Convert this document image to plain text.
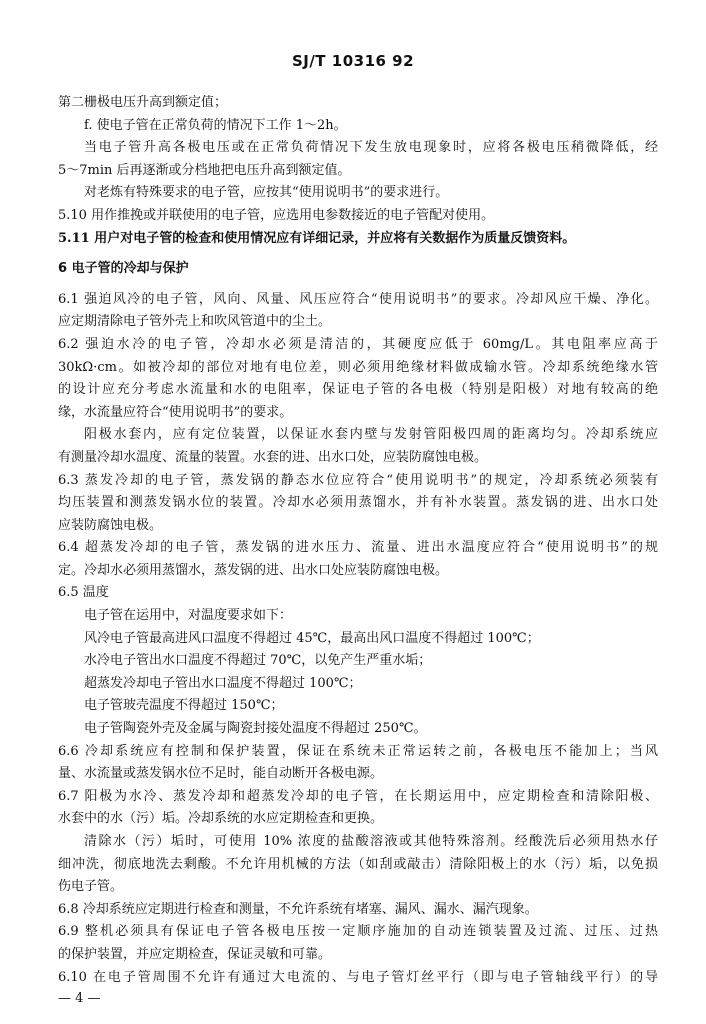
SJ/T 10316 92
第二栅极电压升高到额定值；
f. 使电子管在正常负荷的情况下工作 1～2h。
当电子管升高各极电压或在正常负荷情况下发生放电现象时，应将各极电压稍微降低，经
5～7min 后再逐渐或分档地把电压升高到额定值。
对老炼有特殊要求的电子管，应按其“使用说明书”的要求进行。
5.10 用作推挽或并联使用的电子管，应选用电参数接近的电子管配对使用。
5.11 用户对电子管的检查和使用情况应有详细记录，并应将有关数据作为质量反馈资料。
6 电子管的冷却与保护
6.1 强迫风冷的电子管，风向、风量、风压应符合“使用说明书”的要求。冷却风应干燥、净化。
应定期清除电子管外壳上和吹风管道中的尘土。
6.2 强迫水冷的电子管，冷却水必须是清洁的，其硬度应低于 60mg/L。其电阻率应高于
30kΩ·cm。如被冷却的部位对地有电位差，则必须用绝缘材料做成输水管。冷却系统绝缘水管
的设计应充分考虑水流量和水的电阻率，保证电子管的各电极（特别是阳极）对地有较高的绝
缘，水流量应符合“使用说明书”的要求。
阳极水套内，应有定位装置，以保证水套内壁与发射管阳极四周的距离均匀。冷却系统应
有测量冷却水温度、流量的装置。水套的进、出水口处，应装防腐蚀电极。
6.3 蒸发冷却的电子管，蒸发锅的静态水位应符合“使用说明书”的规定，冷却系统必须装有
均压装置和测蒸发锅水位的装置。冷却水必须用蒸馏水，并有补水装置。蒸发锅的进、出水口处
应装防腐蚀电极。
6.4 超蒸发冷却的电子管，蒸发锅的进水压力、流量、进出水温度应符合“使用说明书”的规
定。冷却水必须用蒸馏水，蒸发锅的进、出水口处应装防腐蚀电极。
6.5 温度
电子管在运用中，对温度要求如下：
风冷电子管最高进风口温度不得超过 45℃，最高出风口温度不得超过 100℃；
水冷电子管出水口温度不得超过 70℃，以免产生严重水垢；
超蒸发冷却电子管出水口温度不得超过 100℃；
电子管玻壳温度不得超过 150℃；
电子管陶瓷外壳及金属与陶瓷封接处温度不得超过 250℃。
6.6 冷却系统应有控制和保护装置，保证在系统未正常运转之前，各极电压不能加上；当风
量、水流量或蒸发锅水位不足时，能自动断开各极电源。
6.7 阳极为水冷、蒸发冷却和超蒸发冷却的电子管，在长期运用中，应定期检查和清除阳极、
水套中的水（污）垢。冷却系统的水应定期检查和更换。
清除水（污）垢时，可使用 10% 浓度的盐酸溶液或其他特殊溶剂。经酸洗后必须用热水仔
细冲洗，彻底地洗去剩酸。不允许用机械的方法（如刮或敲击）清除阳极上的水（污）垢，以免损
伤电子管。
6.8 冷却系统应定期进行检查和测量，不允许系统有堵塞、漏风、漏水、漏汽现象。
6.9 整机必须具有保证电子管各极电压按一定顺序施加的自动连锁装置及过流、过压、过热
的保护装置，并应定期检查，保证灵敏和可靠。
6.10 在电子管周围不允许有通过大电流的、与电子管灯丝平行（即与电子管轴线平行）的导
— 4 —
